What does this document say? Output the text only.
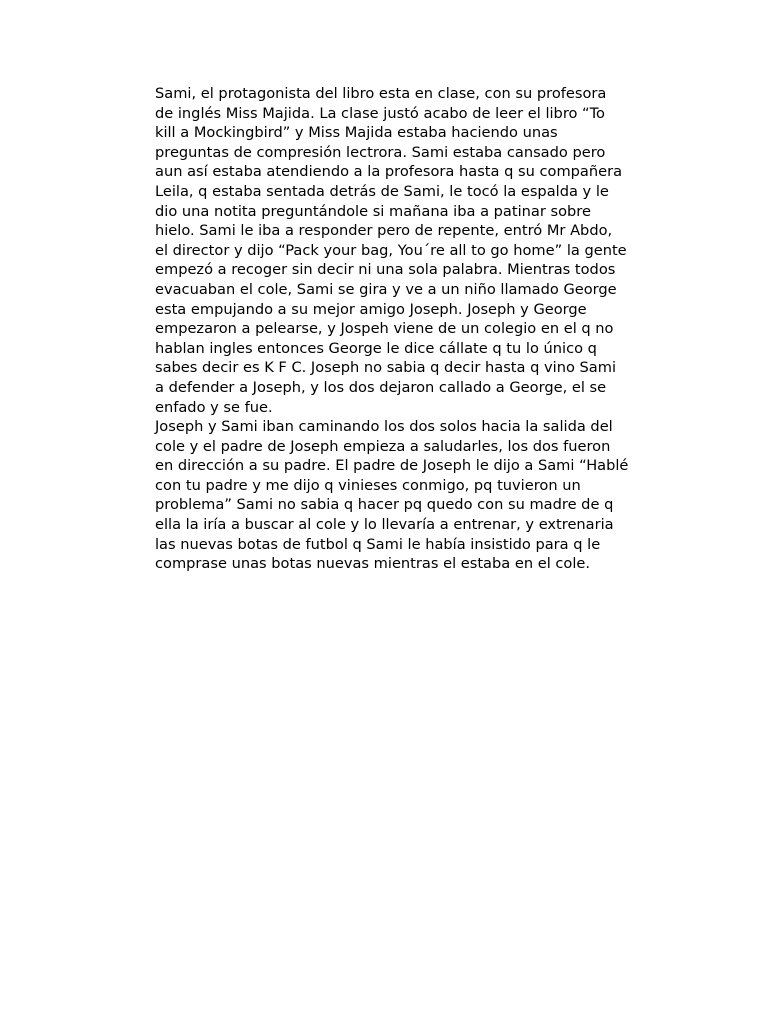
Sami, el protagonista del libro esta en clase, con su profesora
de inglés Miss Majida. La clase justó acabo de leer el libro “To
kill a Mockingbird” y Miss Majida estaba haciendo unas
preguntas de compresión lectrora. Sami estaba cansado pero
aun así estaba atendiendo a la profesora hasta q su compañera
Leila, q estaba sentada detrás de Sami, le tocó la espalda y le
dio una notita preguntándole si mañana iba a patinar sobre
hielo. Sami le iba a responder pero de repente, entró Mr Abdo,
el director y dijo “Pack your bag, You´re all to go home” la gente
empezó a recoger sin decir ni una sola palabra. Mientras todos
evacuaban el cole, Sami se gira y ve a un niño llamado George
esta empujando a su mejor amigo Joseph. Joseph y George
empezaron a pelearse, y Jospeh viene de un colegio en el q no
hablan ingles entonces George le dice cállate q tu lo único q
sabes decir es K F C. Joseph no sabia q decir hasta q vino Sami
a defender a Joseph, y los dos dejaron callado a George, el se
enfado y se fue.
Joseph y Sami iban caminando los dos solos hacia la salida del
cole y el padre de Joseph empieza a saludarles, los dos fueron
en dirección a su padre. El padre de Joseph le dijo a Sami “Hablé
con tu padre y me dijo q vinieses conmigo, pq tuvieron un
problema” Sami no sabia q hacer pq quedo con su madre de q
ella la iría a buscar al cole y lo llevaría a entrenar, y extrenaria
las nuevas botas de futbol q Sami le había insistido para q le
comprase unas botas nuevas mientras el estaba en el cole.
